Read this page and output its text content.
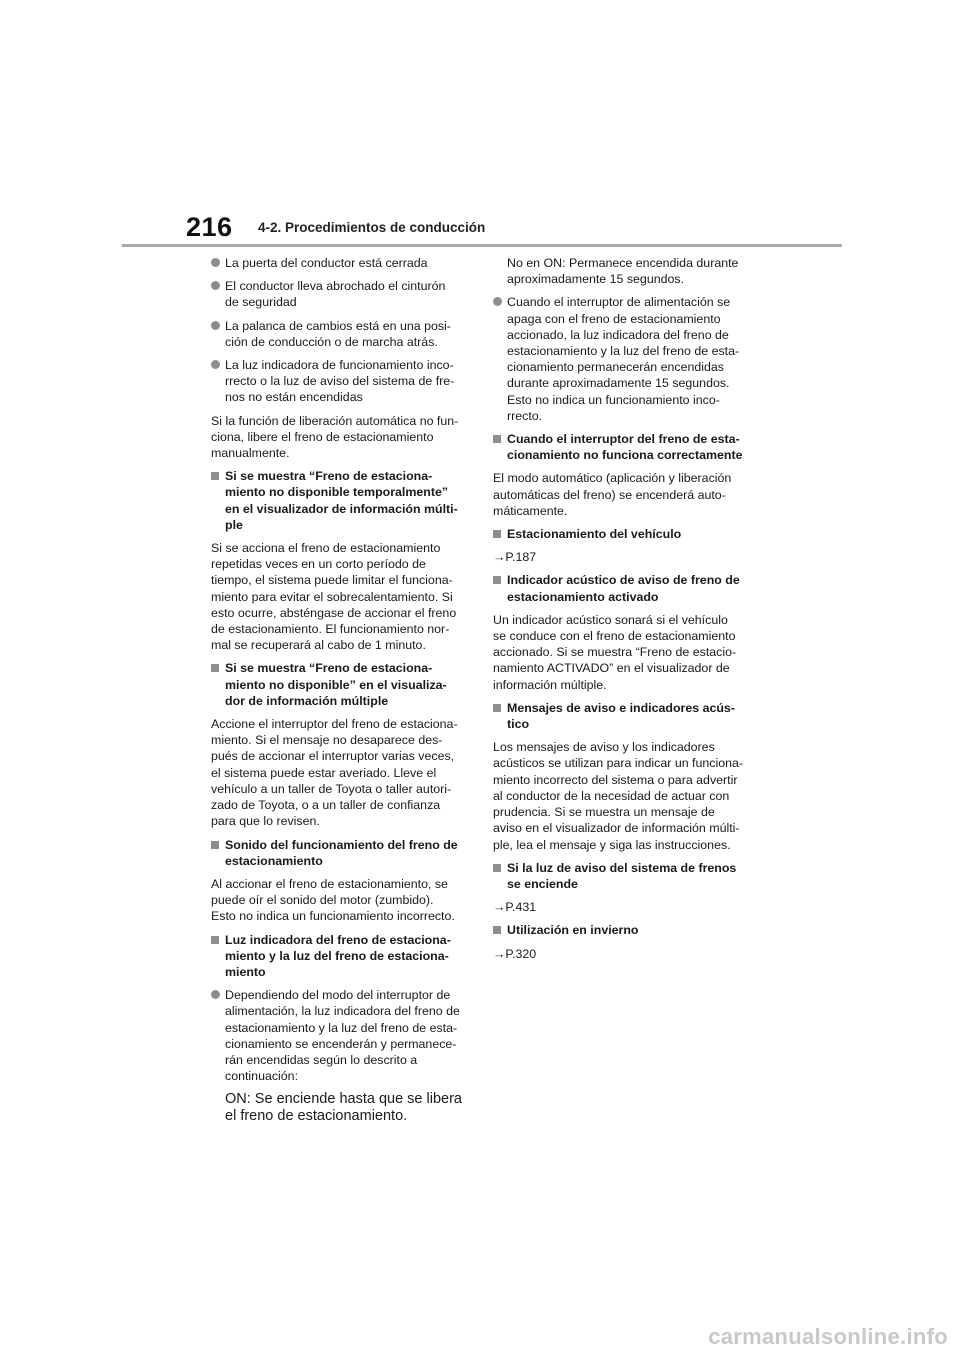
216 4-2. Procedimientos de conducción
La puerta del conductor está cerrada
El conductor lleva abrochado el cinturón
de seguridad
La palanca de cambios está en una posi-
ción de conducción o de marcha atrás.
La luz indicadora de funcionamiento inco-
rrecto o la luz de aviso del sistema de fre-
nos no están encendidas
Si la función de liberación automática no fun-
ciona, libere el freno de estacionamiento
manualmente.
Si se muestra “Freno de estaciona-
miento no disponible temporalmente”
en el visualizador de información múlti-
ple
Si se acciona el freno de estacionamiento
repetidas veces en un corto período de
tiempo, el sistema puede limitar el funciona-
miento para evitar el sobrecalentamiento. Si
esto ocurre, absténgase de accionar el freno
de estacionamiento. El funcionamiento nor-
mal se recuperará al cabo de 1 minuto.
Si se muestra “Freno de estaciona-
miento no disponible” en el visualiza-
dor de información múltiple
Accione el interruptor del freno de estaciona-
miento. Si el mensaje no desaparece des-
pués de accionar el interruptor varias veces,
el sistema puede estar averiado. Lleve el
vehículo a un taller de Toyota o taller autori-
zado de Toyota, o a un taller de confianza
para que lo revisen.
Sonido del funcionamiento del freno de
estacionamiento
Al accionar el freno de estacionamiento, se
puede oír el sonido del motor (zumbido).
Esto no indica un funcionamiento incorrecto.
Luz indicadora del freno de estaciona-
miento y la luz del freno de estaciona-
miento
Dependiendo del modo del interruptor de
alimentación, la luz indicadora del freno de
estacionamiento y la luz del freno de esta-
cionamiento se encenderán y permanece-
rán encendidas según lo descrito a
continuación:
ON: Se enciende hasta que se libera
el freno de estacionamiento.
No en ON: Permanece encendida durante
aproximadamente 15 segundos.
Cuando el interruptor de alimentación se
apaga con el freno de estacionamiento
accionado, la luz indicadora del freno de
estacionamiento y la luz del freno de esta-
cionamiento permanecerán encendidas
durante aproximadamente 15 segundos.
Esto no indica un funcionamiento inco-
rrecto.
Cuando el interruptor del freno de esta-
cionamiento no funciona correctamente
El modo automático (aplicación y liberación
automáticas del freno) se encenderá auto-
máticamente.
Estacionamiento del vehículo
→P.187
Indicador acústico de aviso de freno de
estacionamiento activado
Un indicador acústico sonará si el vehículo
se conduce con el freno de estacionamiento
accionado. Si se muestra “Freno de estacio-
namiento ACTIVADO” en el visualizador de
información múltiple.
Mensajes de aviso e indicadores acús-
tico
Los mensajes de aviso y los indicadores
acústicos se utilizan para indicar un funciona-
miento incorrecto del sistema o para advertir
al conductor de la necesidad de actuar con
prudencia. Si se muestra un mensaje de
aviso en el visualizador de información múlti-
ple, lea el mensaje y siga las instrucciones.
Si la luz de aviso del sistema de frenos
se enciende
→P.431
Utilización en invierno
→P.320
carmanualsonline.info
